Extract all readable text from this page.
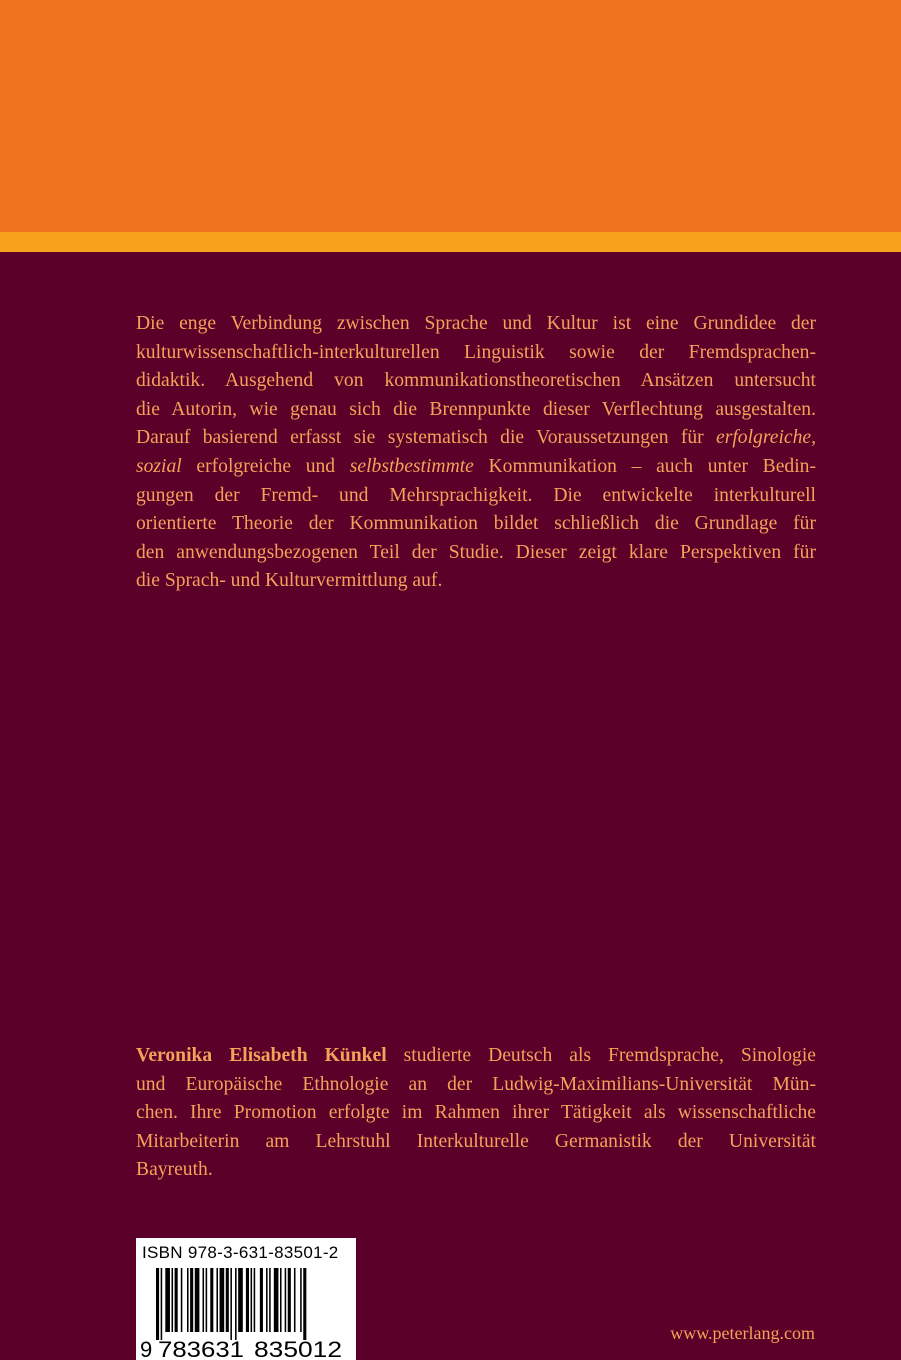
Die enge Verbindung zwischen Sprache und Kultur ist eine Grundidee der
kulturwissenschaftlich-interkulturellen Linguistik sowie der Fremdsprachen-
didaktik. Ausgehend von kommunikationstheoretischen Ansätzen untersucht
die Autorin, wie genau sich die Brennpunkte dieser Verflechtung ausgestalten.
Darauf basierend erfasst sie systematisch die Voraussetzungen für erfolgreiche,
sozial erfolgreiche und selbstbestimmte Kommunikation – auch unter Bedin-
gungen der Fremd- und Mehrsprachigkeit. Die entwickelte interkulturell
orientierte Theorie der Kommunikation bildet schließlich die Grundlage für
den anwendungsbezogenen Teil der Studie. Dieser zeigt klare Perspektiven für
die Sprach- und Kulturvermittlung auf.
Veronika Elisabeth Künkel studierte Deutsch als Fremdsprache, Sinologie
und Europäische Ethnologie an der Ludwig-Maximilians-Universität Mün-
chen. Ihre Promotion erfolgte im Rahmen ihrer Tätigkeit als wissenschaftliche
Mitarbeiterin am Lehrstuhl Interkulturelle Germanistik der Universität
Bayreuth.
ISBN 978-3-631-83501-2
9 783631 835012
www.peterlang.com
